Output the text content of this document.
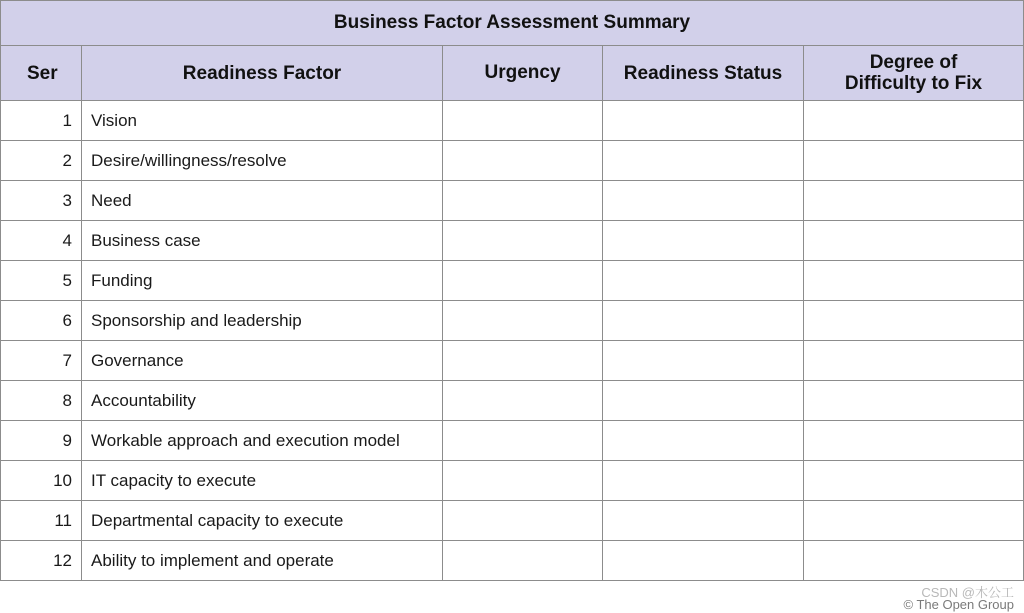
Business Factor Assessment Summary				
Ser	Readiness Factor	Urgency	Readiness Status	Degree of
Difficulty to Fix
1	Vision			
2	Desire/willingness/resolve			
3	Need			
4	Business case			
5	Funding			
6	Sponsorship and leadership			
7	Governance			
8	Accountability			
9	Workable approach and execution model			
10	IT capacity to execute			
11	Departmental capacity to execute			
12	Ability to implement and operate			
CSDN @木公工
© The Open Group
